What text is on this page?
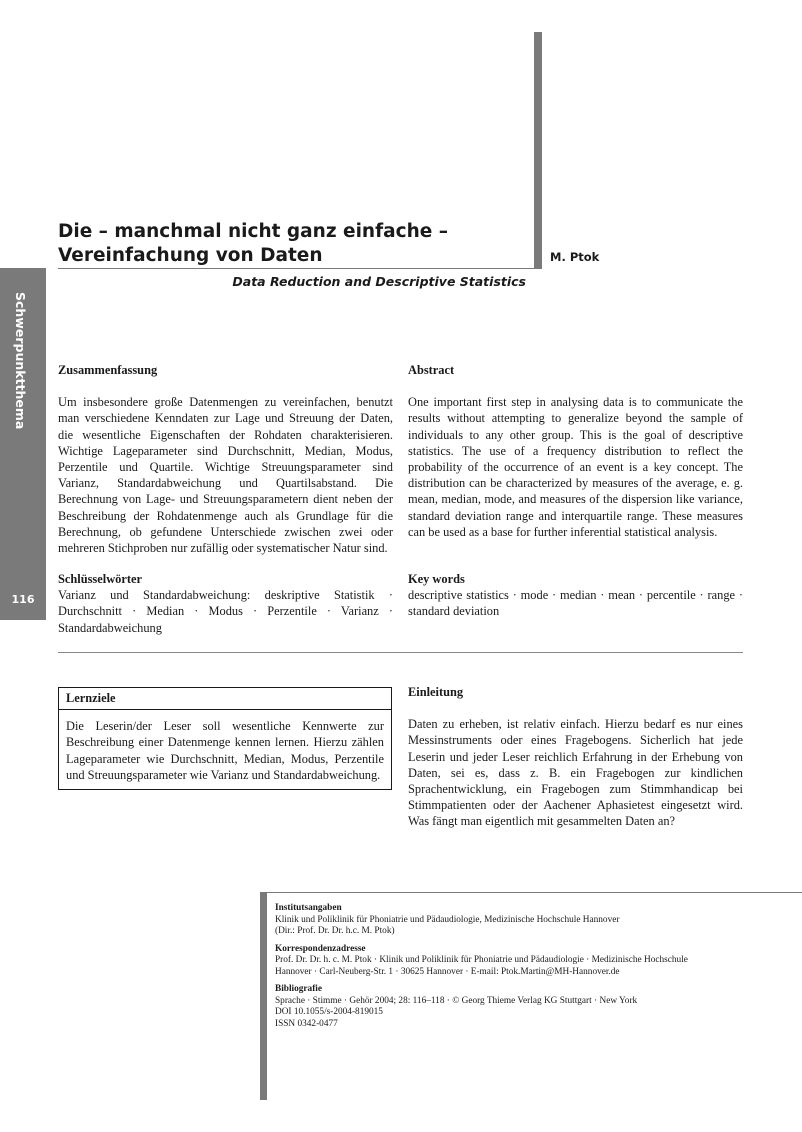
Die – manchmal nicht ganz einfache –
Vereinfachung von Daten	M. Ptok
Data Reduction and Descriptive Statistics
Schwerpunktthema
116

Zusammenfassung

Um insbesondere große Datenmengen zu vereinfachen, benutzt man verschiedene Kenndaten zur Lage und Streuung der Daten, die wesentliche Eigenschaften der Rohdaten charakterisieren. Wichtige Lageparameter sind Durchschnitt, Median, Modus, Perzentile und Quartile. Wichtige Streuungsparameter sind Varianz, Standardabweichung und Quartilsabstand. Die Berechnung von Lage- und Streuungsparametern dient neben der Beschreibung der Rohdatenmenge auch als Grundlage für die Berechnung, ob gefundene Unterschiede zwischen zwei oder mehreren Stichproben nur zufällig oder systematischer Natur sind.

Abstract

One important first step in analysing data is to communicate the results without attempting to generalize beyond the sample of individuals to any other group. This is the goal of descriptive statistics. The use of a frequency distribution to reflect the probability of the occurrence of an event is a key concept. The distribution can be characterized by measures of the average, e. g. mean, median, mode, and measures of the dispersion like variance, standard deviation range and interquartile range. These measures can be used as a base for further inferential statistical analysis.

Schlüsselwörter

Varianz und Standardabweichung: deskriptive Statistik · Durchschnitt · Median · Modus · Perzentile · Varianz · Standardabweichung

Key words

descriptive statistics · mode · median · mean · percentile · range · standard deviation

Lernziele

Die Leserin/der Leser soll wesentliche Kennwerte zur Beschreibung einer Datenmenge kennen lernen. Hierzu zählen Lageparameter wie Durchschnitt, Median, Modus, Perzentile und Streuungsparameter wie Varianz und Standardabweichung.

Einleitung

Daten zu erheben, ist relativ einfach. Hierzu bedarf es nur eines Messinstruments oder eines Fragebogens. Sicherlich hat jede Leserin und jeder Leser reichlich Erfahrung in der Erhebung von Daten, sei es, dass z. B. ein Fragebogen zur kindlichen Sprachentwicklung, ein Fragebogen zum Stimmhandicap bei Stimmpatienten oder der Aachener Aphasietest eingesetzt wird. Was fängt man eigentlich mit gesammelten Daten an?

Institutsangaben
Klinik und Poliklinik für Phoniatrie und Pädaudiologie, Medizinische Hochschule Hannover
(Dir.: Prof. Dr. Dr. h.c. M. Ptok)
Korrespondenzadresse
Prof. Dr. Dr. h. c. M. Ptok · Klinik und Poliklinik für Phoniatrie und Pädaudiologie · Medizinische Hochschule
Hannover · Carl-Neuberg-Str. 1 · 30625 Hannover · E-mail: Ptok.Martin@MH-Hannover.de
Bibliografie
Sprache · Stimme · Gehör 2004; 28: 116–118 · © Georg Thieme Verlag KG Stuttgart · New York
DOI 10.1055/s-2004-819015
ISSN 0342-0477
